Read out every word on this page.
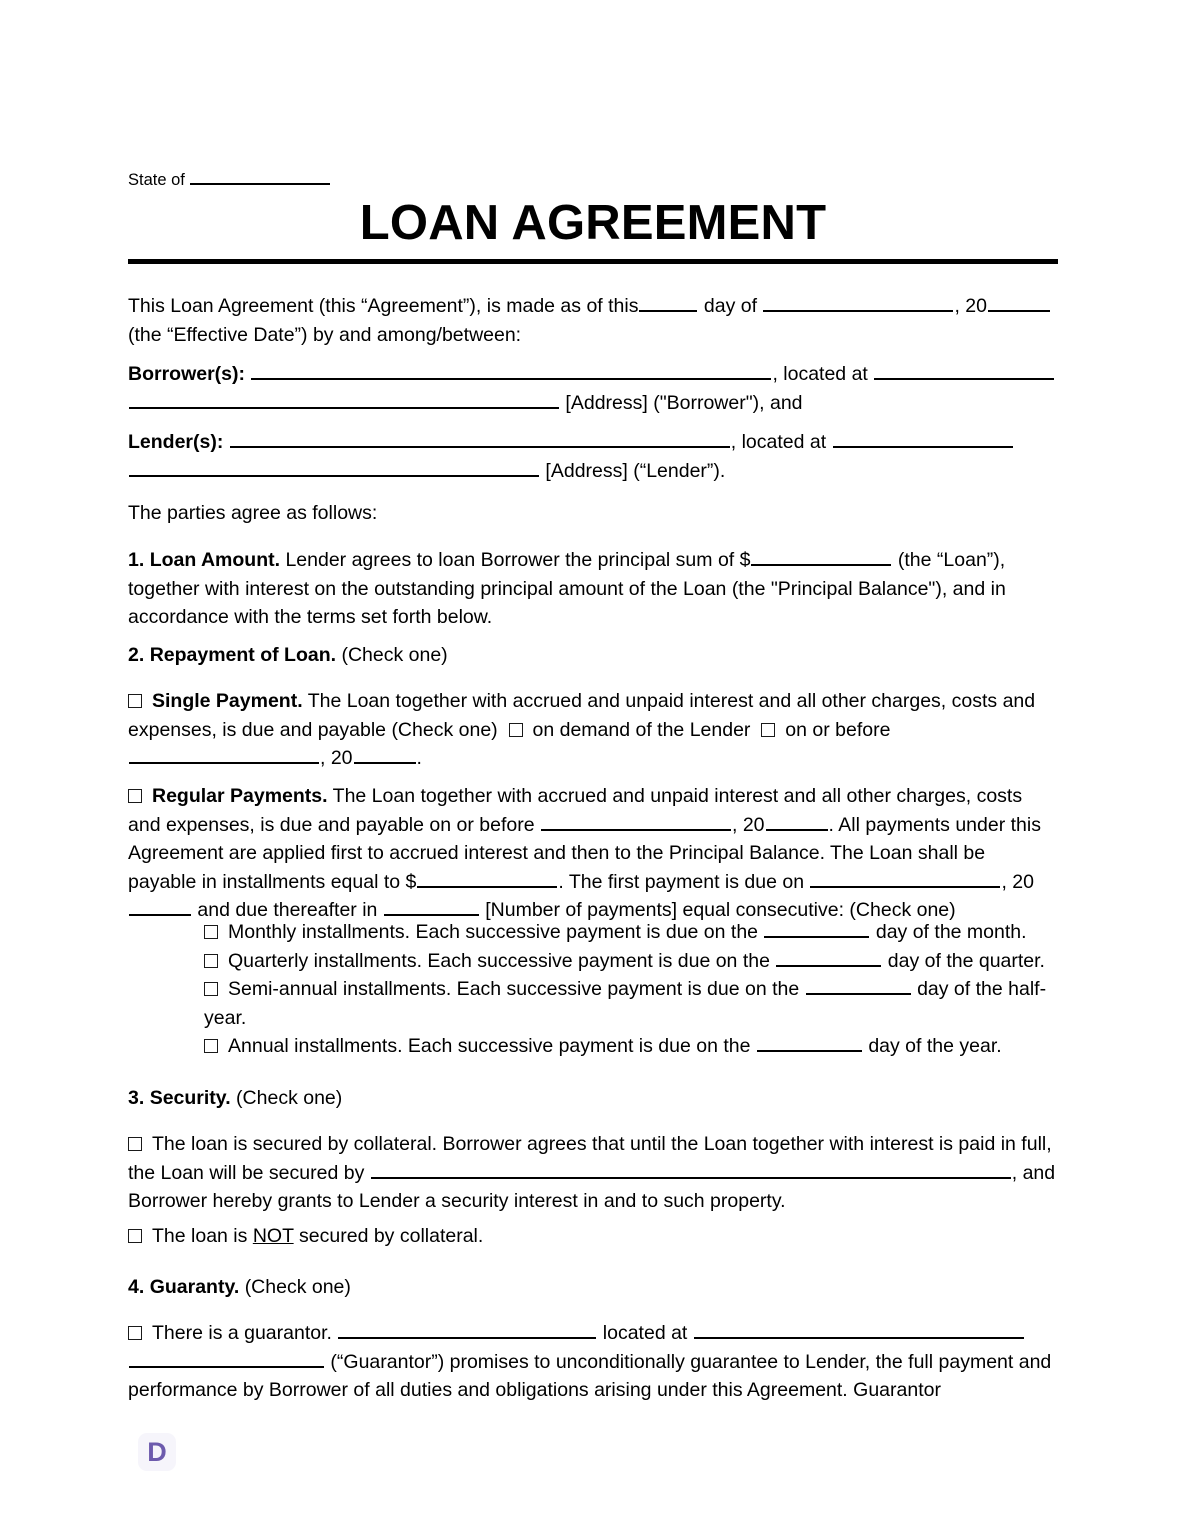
State of
LOAN AGREEMENT

This Loan Agreement (this “Agreement”), is made as of this	day of	, 20
(the “Effective Date”) by and among/between:

Borrower(s):	, located at
[Address] ("Borrower"), and

Lender(s):	, located at
[Address] (“Lender”).

The parties agree as follows:

1. Loan Amount. Lender agrees to loan Borrower the principal sum of $	(the “Loan”), together with interest on the outstanding principal amount of the Loan (the "Principal Balance"), and in accordance with the terms set forth below.

2. Repayment of Loan. (Check one)

Single Payment. The Loan together with accrued and unpaid interest and all other charges, costs and expenses, is due and payable (Check one) on demand of the Lender on or before
, 20	.

Regular Payments. The Loan together with accrued and unpaid interest and all other charges, costs and expenses, is due and payable on or before	, 20	. All payments under this Agreement are applied first to accrued interest and then to the Principal Balance. The Loan shall be payable in installments equal to $	. The first payment is due on	, 20 and due thereafter in	[Number of payments] equal consecutive: (Check one)

Monthly installments. Each successive payment is due on the	day of the month.

Quarterly installments. Each successive payment is due on the	day of the quarter.

Semi-annual installments. Each successive payment is due on the	day of the half-year.

Annual installments. Each successive payment is due on the	day of the year.

3. Security. (Check one)

The loan is secured by collateral. Borrower agrees that until the Loan together with interest is paid in full, the Loan will be secured by	, and Borrower hereby grants to Lender a security interest in and to such property.

The loan is NOT secured by collateral.

4. Guaranty. (Check one)

There is a guarantor.	located at
(“Guarantor”) promises to unconditionally guarantee to Lender, the full payment and performance by Borrower of all duties and obligations arising under this Agreement. Guarantor

D
